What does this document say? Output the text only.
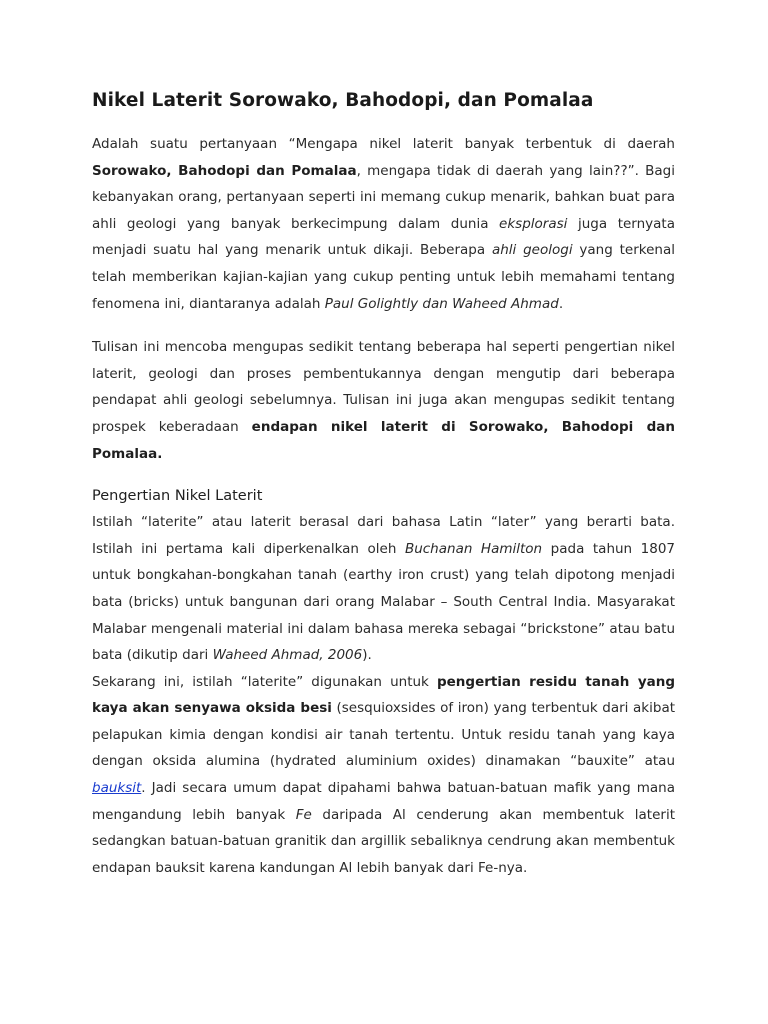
Nikel Laterit Sorowako, Bahodopi, dan Pomalaa

Adalah suatu pertanyaan “Mengapa nikel laterit banyak terbentuk di daerah Sorowako, Bahodopi dan Pomalaa, mengapa tidak di daerah yang lain??”. Bagi kebanyakan orang, pertanyaan seperti ini memang cukup menarik, bahkan buat para ahli geologi yang banyak berkecimpung dalam dunia eksplorasi juga ternyata menjadi suatu hal yang menarik untuk dikaji. Beberapa ahli geologi yang terkenal telah memberikan kajian-kajian yang cukup penting untuk lebih memahami tentang fenomena ini, diantaranya adalah Paul Golightly dan Waheed Ahmad.

Tulisan ini mencoba mengupas sedikit tentang beberapa hal seperti pengertian nikel laterit, geologi dan proses pembentukannya dengan mengutip dari beberapa pendapat ahli geologi sebelumnya. Tulisan ini juga akan mengupas sedikit tentang prospek keberadaan endapan nikel laterit di Sorowako, Bahodopi dan Pomalaa.

Pengertian Nikel Laterit

Istilah “laterite” atau laterit berasal dari bahasa Latin “later” yang berarti bata. Istilah ini pertama kali diperkenalkan oleh Buchanan Hamilton pada tahun 1807 untuk bongkahan-bongkahan tanah (earthy iron crust) yang telah dipotong menjadi bata (bricks) untuk bangunan dari orang Malabar – South Central India. Masyarakat Malabar mengenali material ini dalam bahasa mereka sebagai “brickstone” atau batu bata (dikutip dari Waheed Ahmad, 2006).

Sekarang ini, istilah “laterite” digunakan untuk pengertian residu tanah yang kaya akan senyawa oksida besi (sesquioxsides of iron) yang terbentuk dari akibat pelapukan kimia dengan kondisi air tanah tertentu. Untuk residu tanah yang kaya dengan oksida alumina (hydrated aluminium oxides) dinamakan “bauxite” atau bauksit. Jadi secara umum dapat dipahami bahwa batuan-batuan mafik yang mana mengandung lebih banyak Fe daripada Al cenderung akan membentuk laterit sedangkan batuan-batuan granitik dan argillik sebaliknya cendrung akan membentuk endapan bauksit karena kandungan Al lebih banyak dari Fe-nya.
